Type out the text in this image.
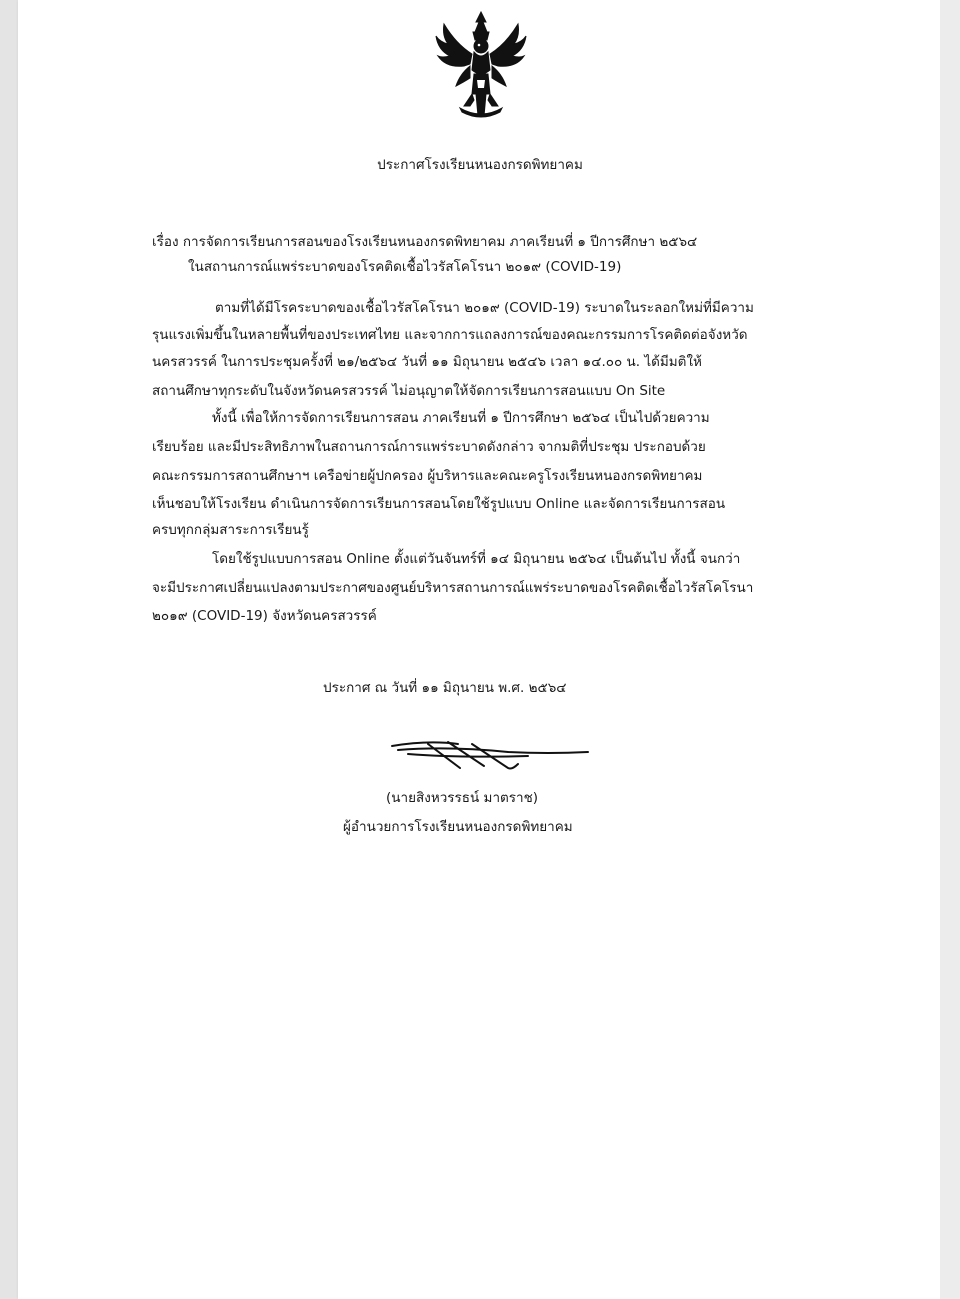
ประกาศโรงเรียนหนองกรดพิทยาคม
เรื่อง การจัดการเรียนการสอนของโรงเรียนหนองกรดพิทยาคม ภาคเรียนที่ ๑ ปีการศึกษา ๒๕๖๔
ในสถานการณ์แพร่ระบาดของโรคติดเชื้อไวรัสโคโรนา ๒๐๑๙ (COVID-19)
ตามที่ได้มีโรคระบาดของเชื้อไวรัสโคโรนา ๒๐๑๙ (COVID-19) ระบาดในระลอกใหม่ที่มีความ
รุนแรงเพิ่มขึ้นในหลายพื้นที่ของประเทศไทย และจากการแถลงการณ์ของคณะกรรมการโรคติดต่อจังหวัด
นครสวรรค์ ในการประชุมครั้งที่ ๒๑/๒๕๖๔ วันที่ ๑๑ มิถุนายน ๒๕๔๖ เวลา ๑๔.๐๐ น. ได้มีมติให้
สถานศึกษาทุกระดับในจังหวัดนครสวรรค์ ไม่อนุญาตให้จัดการเรียนการสอนแบบ On Site
ทั้งนี้ เพื่อให้การจัดการเรียนการสอน ภาคเรียนที่ ๑ ปีการศึกษา ๒๕๖๔ เป็นไปด้วยความ
เรียบร้อย และมีประสิทธิภาพในสถานการณ์การแพร่ระบาดดังกล่าว จากมติที่ประชุม ประกอบด้วย
คณะกรรมการสถานศึกษาฯ เครือข่ายผู้ปกครอง ผู้บริหารและคณะครูโรงเรียนหนองกรดพิทยาคม
เห็นชอบให้โรงเรียน ดำเนินการจัดการเรียนการสอนโดยใช้รูปแบบ Online และจัดการเรียนการสอน
ครบทุกกลุ่มสาระการเรียนรู้
โดยใช้รูปแบบการสอน Online ตั้งแต่วันจันทร์ที่ ๑๔ มิถุนายน ๒๕๖๔ เป็นต้นไป ทั้งนี้ จนกว่า
จะมีประกาศเปลี่ยนแปลงตามประกาศของศูนย์บริหารสถานการณ์แพร่ระบาดของโรคติดเชื้อไวรัสโคโรนา
๒๐๑๙ (COVID-19) จังหวัดนครสวรรค์
ประกาศ ณ วันที่ ๑๑ มิถุนายน พ.ศ. ๒๕๖๔
(นายสิงหวรรธน์ มาตราช)
ผู้อำนวยการโรงเรียนหนองกรดพิทยาคม
